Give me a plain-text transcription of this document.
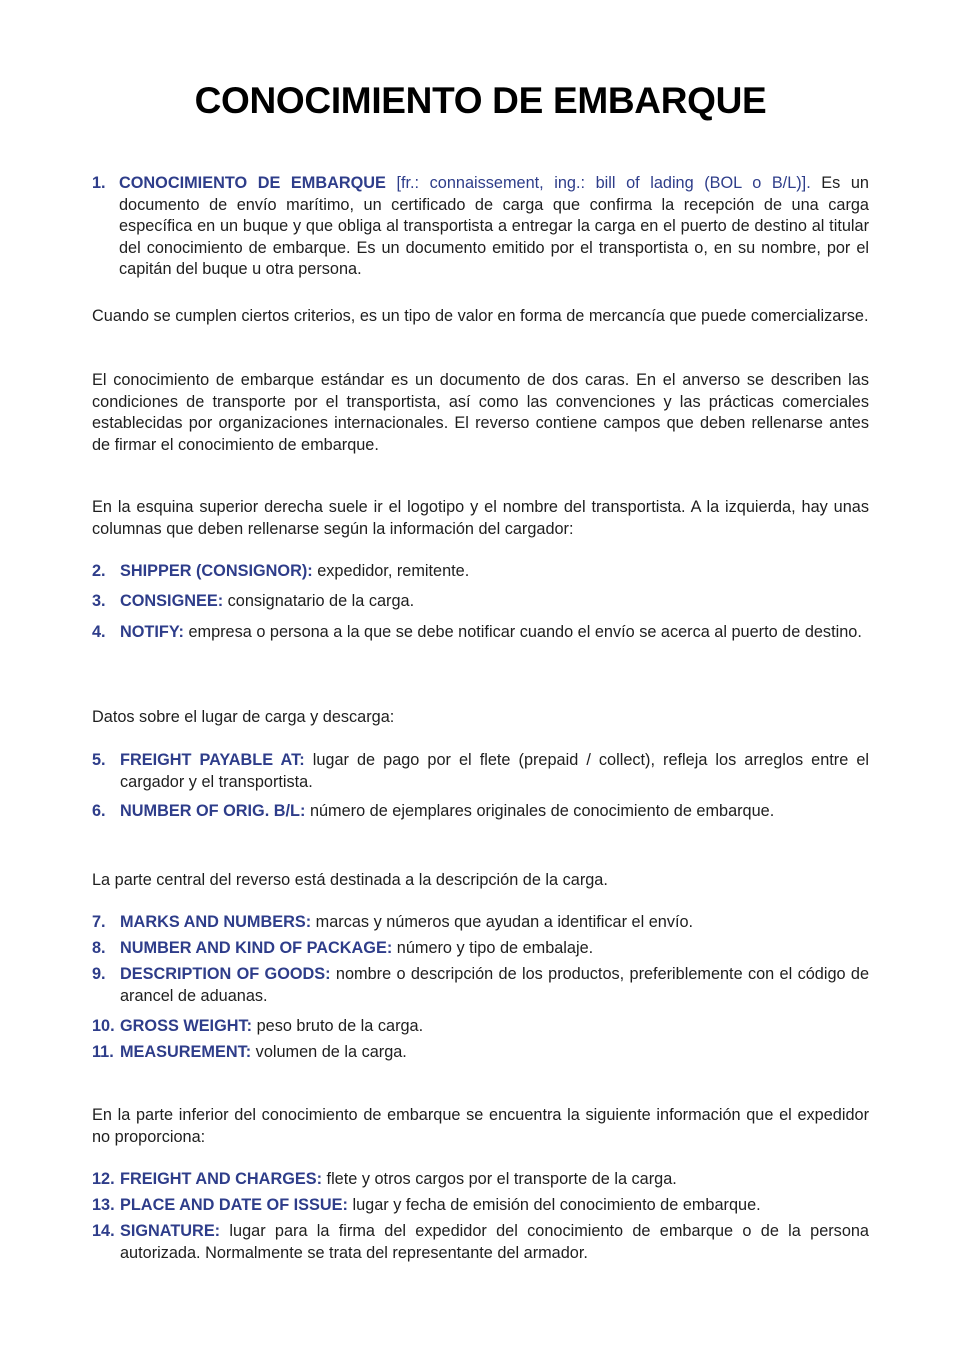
CONOCIMIENTO DE EMBARQUE
1. CONOCIMIENTO DE EMBARQUE [fr.: connaissement, ing.: bill of lading (BOL o B/L)]. Es un documento de envío marítimo, un certificado de carga que confirma la recepción de una carga específica en un buque y que obliga al transportista a entregar la carga en el puerto de destino al titular del conocimiento de embarque. Es un documento emitido por el transportista o, en su nombre, por el capitán del buque u otra persona.
Cuando se cumplen ciertos criterios, es un tipo de valor en forma de mercancía que puede comercializarse.
El conocimiento de embarque estándar es un documento de dos caras. En el anverso se describen las condiciones de transporte por el transportista, así como las convenciones y las prácticas comerciales establecidas por organizaciones internacionales. El reverso contiene campos que deben rellenarse antes de firmar el conocimiento de embarque.
En la esquina superior derecha suele ir el logotipo y el nombre del transportista. A la izquierda, hay unas columnas que deben rellenarse según la información del cargador:
2. SHIPPER (CONSIGNOR): expedidor, remitente.
3. CONSIGNEE: consignatario de la carga.
4. NOTIFY: empresa o persona a la que se debe notificar cuando el envío se acerca al puerto de destino.
Datos sobre el lugar de carga y descarga:
5. FREIGHT PAYABLE AT: lugar de pago por el flete (prepaid / collect), refleja los arreglos entre el cargador y el transportista.
6. NUMBER OF ORIG. B/L: número de ejemplares originales de conocimiento de embarque.
La parte central del reverso está destinada a la descripción de la carga.
7. MARKS AND NUMBERS: marcas y números que ayudan a identificar el envío.
8. NUMBER AND KIND OF PACKAGE: número y tipo de embalaje.
9. DESCRIPTION OF GOODS: nombre o descripción de los productos, preferiblemente con el código de arancel de aduanas.
10. GROSS WEIGHT: peso bruto de la carga.
11. MEASUREMENT: volumen de la carga.
En la parte inferior del conocimiento de embarque se encuentra la siguiente información que el expedidor no proporciona:
12. FREIGHT AND CHARGES: flete y otros cargos por el transporte de la carga.
13. PLACE AND DATE OF ISSUE: lugar y fecha de emisión del conocimiento de embarque.
14. SIGNATURE: lugar para la firma del expedidor del conocimiento de embarque o de la persona autorizada. Normalmente se trata del representante del armador.
